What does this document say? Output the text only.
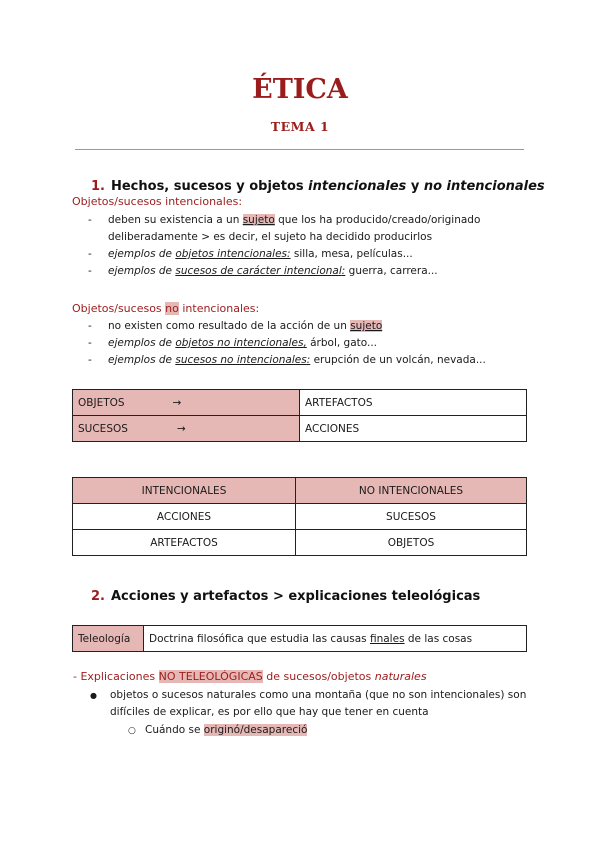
ÉTICA
TEMA 1
1. Hechos, sucesos y objetos intencionales y no intencionales
Objetos/sucesos intencionales:
-	deben su existencia a un sujeto que los ha producido/creado/originado
deliberadamente > es decir, el sujeto ha decidido producirlos
-	ejemplos de objetos intencionales: silla, mesa, películas...
-	ejemplos de sucesos de carácter intencional: guerra, carrera...
Objetos/sucesos no intencionales:
-	no existen como resultado de la acción de un sujeto
-	ejemplos de objetos no intencionales, árbol, gato...
-	ejemplos de sucesos no intencionales: erupción de un volcán, nevada...
OBJETOS →	ARTEFACTOS
SUCESOS →	ACCIONES
INTENCIONALES	NO INTENCIONALES
ACCIONES	SUCESOS
ARTEFACTOS	OBJETOS
2. Acciones y artefactos > explicaciones teleológicas
Teleología	Doctrina filosófica que estudia las causas finales de las cosas
- Explicaciones NO TELEOLÓGICAS de sucesos/objetos naturales
●	objetos o sucesos naturales como una montaña (que no son intencionales) son
difíciles de explicar, es por ello que hay que tener en cuenta
○ Cuándo se originó/desapareció
